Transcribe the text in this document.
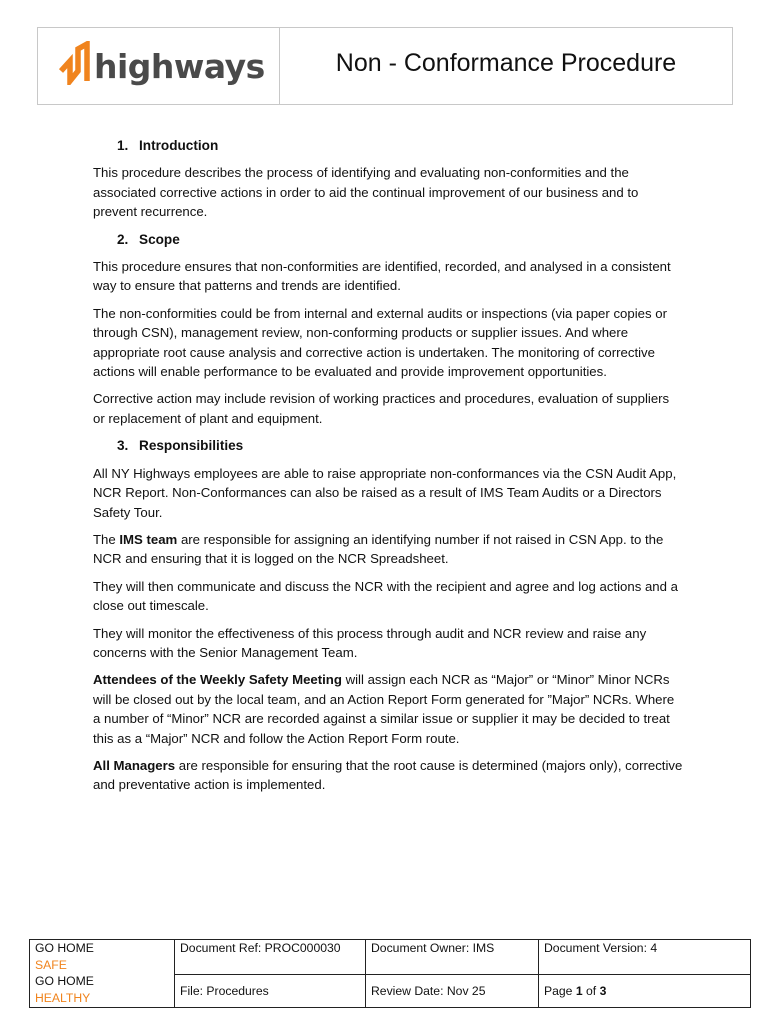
highways	Non - Conformance Procedure
1. Introduction

This procedure describes the process of identifying and evaluating non-conformities and the associated corrective actions in order to aid the continual improvement of our business and to prevent recurrence.

2. Scope

This procedure ensures that non-conformities are identified, recorded, and analysed in a consistent way to ensure that patterns and trends are identified.

The non-conformities could be from internal and external audits or inspections (via paper copies or through CSN), management review, non-conforming products or supplier issues. And where appropriate root cause analysis and corrective action is undertaken. The monitoring of corrective actions will enable performance to be evaluated and provide improvement opportunities.

Corrective action may include revision of working practices and procedures, evaluation of suppliers or replacement of plant and equipment.

3. Responsibilities

All NY Highways employees are able to raise appropriate non-conformances via the CSN Audit App, NCR Report. Non-Conformances can also be raised as a result of IMS Team Audits or a Directors Safety Tour.

The IMS team are responsible for assigning an identifying number if not raised in CSN App. to the NCR and ensuring that it is logged on the NCR Spreadsheet.

They will then communicate and discuss the NCR with the recipient and agree and log actions and a close out timescale.

They will monitor the effectiveness of this process through audit and NCR review and raise any concerns with the Senior Management Team.

Attendees of the Weekly Safety Meeting will assign each NCR as “Major” or “Minor” Minor NCRs will be closed out by the local team, and an Action Report Form generated for ”Major” NCRs. Where a number of “Minor” NCR are recorded against a similar issue or supplier it may be decided to treat this as a “Major” NCR and follow the Action Report Form route.

All Managers are responsible for ensuring that the root cause is determined (majors only), corrective and preventative action is implemented.

GO HOME
SAFE
GO HOME
HEALTHY	Document Ref: PROC000030	Document Owner: IMS	Document Version: 4
	File: Procedures	Review Date: Nov 25	Page 1 of 3
